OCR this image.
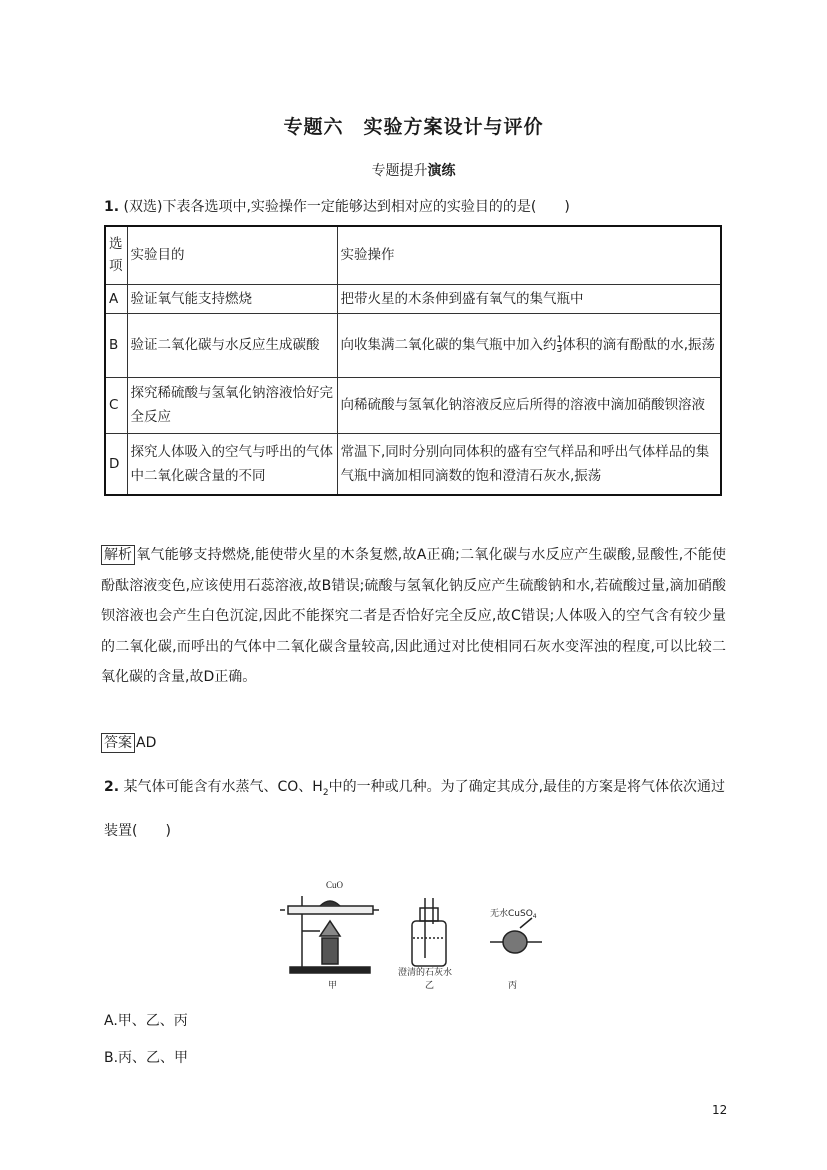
专题六　实验方案设计与评价
专题提升演练
1. (双选)下表各选项中,实验操作一定能够达到相对应的实验目的的是(　　)
选项	实验目的	实验操作
A	验证氧气能支持燃烧	把带火星的木条伸到盛有氧气的集气瓶中
B	验证二氧化碳与水反应生成碳酸	向收集满二氧化碳的集气瓶中加入约 $\frac{1}{3}$ 体积的滴有酚酞的水,振荡
C	探究稀硫酸与氢氧化钠溶液恰好完全反应	向稀硫酸与氢氧化钠溶液反应后所得的溶液中滴加硝酸钡溶液
D	探究人体吸入的空气与呼出的气体中二氧化碳含量的不同	常温下,同时分别向同体积的盛有空气样品和呼出气体样品的集气瓶中滴加相同滴数的饱和澄清石灰水,振荡
解析 氧气能够支持燃烧,能使带火星的木条复燃,故A正确;二氧化碳与水反应产生碳酸,显酸性,不能使酚酞溶液变色,应该使用石蕊溶液,故B错误;硫酸与氢氧化钠反应产生硫酸钠和水,若硫酸过量,滴加硝酸钡溶液也会产生白色沉淀,因此不能探究二者是否恰好完全反应,故C错误;人体吸入的空气含有较少量的二氧化碳,而呼出的气体中二氧化碳含量较高,因此通过对比使相同石灰水变浑浊的程度,可以比较二氧化碳的含量,故D正确。
答案 AD
2. 某气体可能含有水蒸气、CO、$H_2$中的一种或几种。为了确定其成分,最佳的方案是将气体依次通过装置(　　)
CuO
甲
澄清的石灰水
乙
无水CuSO$_4$
丙
A.甲、乙、丙
B.丙、乙、甲
12
